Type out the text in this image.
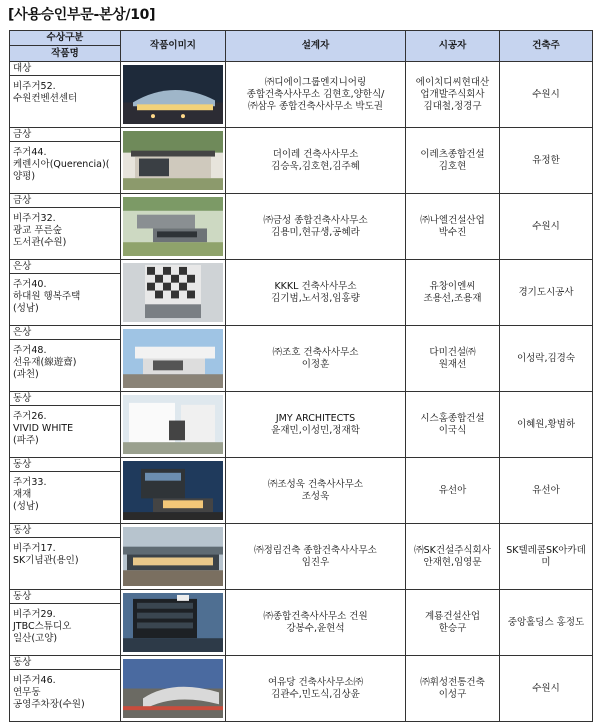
[사용승인부문-본상/10]
수상구분
작품명	작품이미지	설계자	시공자	건축주

대상
비주거52.
수원컨벤션센터		㈜디에이그룹엔지니어링
종합건축사사무소 김현호,양한식/
㈜삼우 종합건축사사무소 박도권	에이치디씨현대산
업개발주식회사
김대철,정경구	수원시

금상
주거44.
케렌시아(Querencia)(
양평)		더이레 건축사사무소
김승욱,김호현,김주혜	이레츠종합건설
김호현	유정한

금상
비주거32.
광교 푸른숲
도서관(수원)		㈜금성 종합건축사사무소
김용미,현규생,공혜라	㈜나엘건설산업
박수진	수원시

은상
주거40.
하대원 행복주택
(성남)		KKKL 건축사사무소
김기범,노서정,임홍량	유창이엔씨
조용선,조용재	경기도시공사

은상
주거48.
선유재(線遊齋)
(과천)		㈜조호 건축사사무소
이정훈	다미건설㈜
원재선	이성락,김경숙

동상
주거26.
VIVID WHITE
(파주)		JMY ARCHITECTS
윤재민,이성민,정재학	시스홈종합건설
이국식	이혜원,황범하

동상
주거33.
재재
(성남)		㈜조성욱 건축사사무소
조성욱	유선아	유선아

동상
비주거17.
SK기념관(용인)		㈜정림건축 종합건축사사무소
임진우	㈜SK건설주식회사
안재현,임영문	SK텔레콤SK아카데
미

동상
비주거29.
JTBC스튜디오
일산(고양)		㈜종합건축사사무소 건원
강봉수,윤현석	계룡건설산업
한승구	중앙홀딩스 홍정도

동상
비주거46.
연무동
공영주차장(수원)		여유당 건축사사무소㈜
김관수,민도식,김상윤	㈜휘성전통건축
이성구	수원시
